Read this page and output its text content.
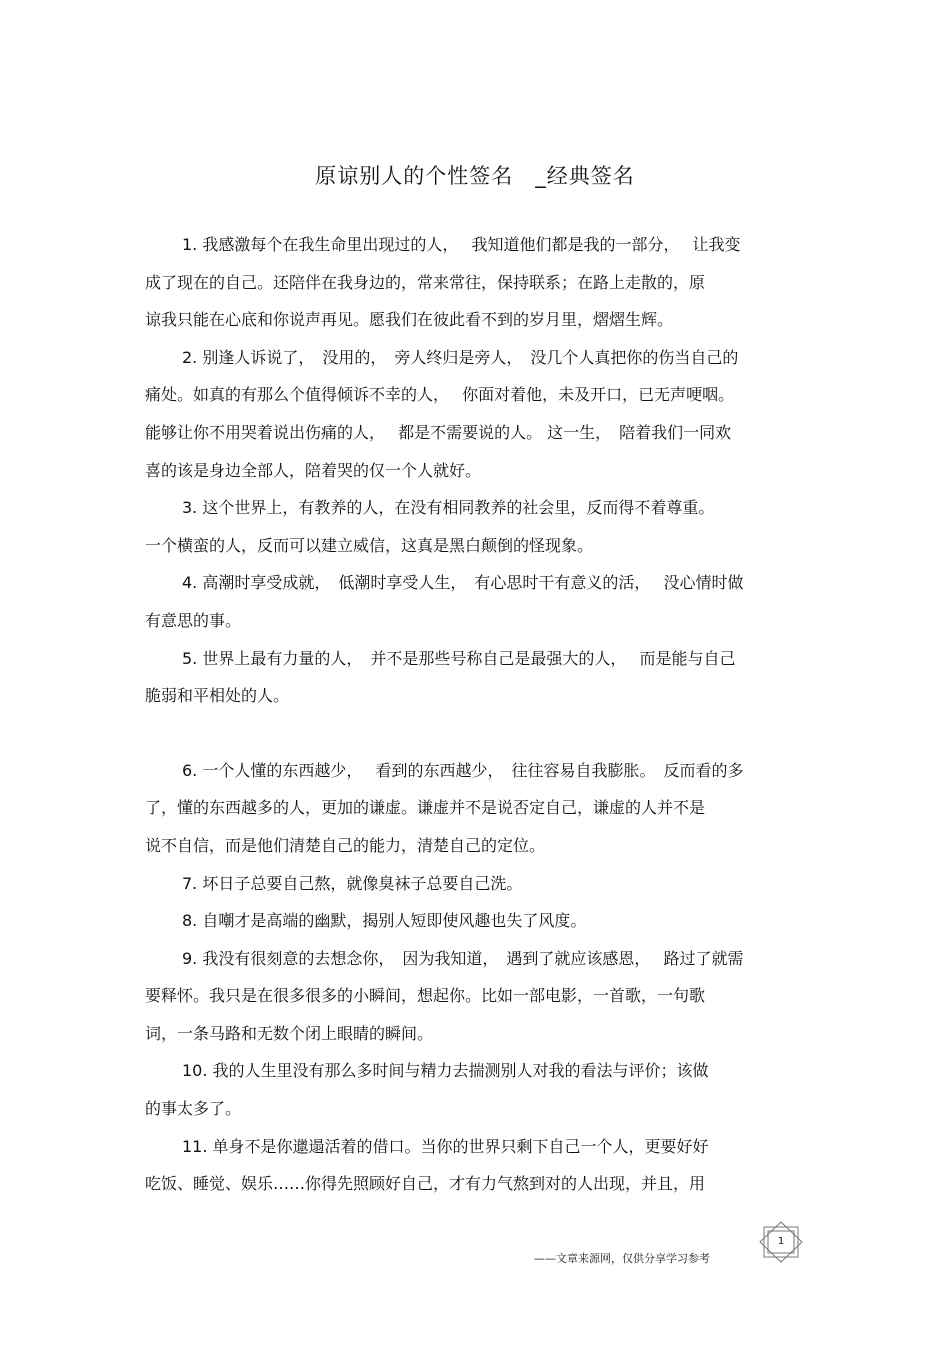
原谅别人的个性签名　_经典签名
1. 我感激每个在我生命里出现过的人，　 我知道他们都是我的一部分，　 让我变
成了现在的自己。还陪伴在我身边的，常来常往，保持联系；在路上走散的，原
谅我只能在心底和你说声再见。愿我们在彼此看不到的岁月里，熠熠生辉。
2. 别逢人诉说了，　没用的，　旁人终归是旁人，　没几个人真把你的伤当自己的
痛处。如真的有那么个值得倾诉不幸的人，　 你面对着他，未及开口，已无声哽咽。
能够让你不用哭着说出伤痛的人，　 都是不需要说的人。 这一生，　陪着我们一同欢
喜的该是身边全部人，陪着哭的仅一个人就好。
3. 这个世界上，有教养的人，在没有相同教养的社会里，反而得不着尊重。
一个横蛮的人，反而可以建立威信，这真是黑白颠倒的怪现象。
4. 高潮时享受成就，　低潮时享受人生，　有心思时干有意义的活，　 没心情时做
有意思的事。
5. 世界上最有力量的人，　并不是那些号称自己是最强大的人，　 而是能与自己
脆弱和平相处的人。
6. 一个人懂的东西越少，　 看到的东西越少，　往往容易自我膨胀。　反而看的多
了，懂的东西越多的人，更加的谦虚。谦虚并不是说否定自己，谦虚的人并不是
说不自信，而是他们清楚自己的能力，清楚自己的定位。
7. 坏日子总要自己熬，就像臭袜子总要自己洗。
8. 自嘲才是高端的幽默，揭别人短即使风趣也失了风度。
9. 我没有很刻意的去想念你，　因为我知道，　遇到了就应该感恩，　 路过了就需
要释怀。我只是在很多很多的小瞬间，想起你。比如一部电影，一首歌，一句歌
词，一条马路和无数个闭上眼睛的瞬间。
10. 我的人生里没有那么多时间与精力去揣测别人对我的看法与评价；该做
的事太多了。
11. 单身不是你邋遢活着的借口。当你的世界只剩下自己一个人，更要好好
吃饭、睡觉、娱乐……你得先照顾好自己，才有力气熬到对的人出现，并且，用
——文章来源网，仅供分享学习参考
1
